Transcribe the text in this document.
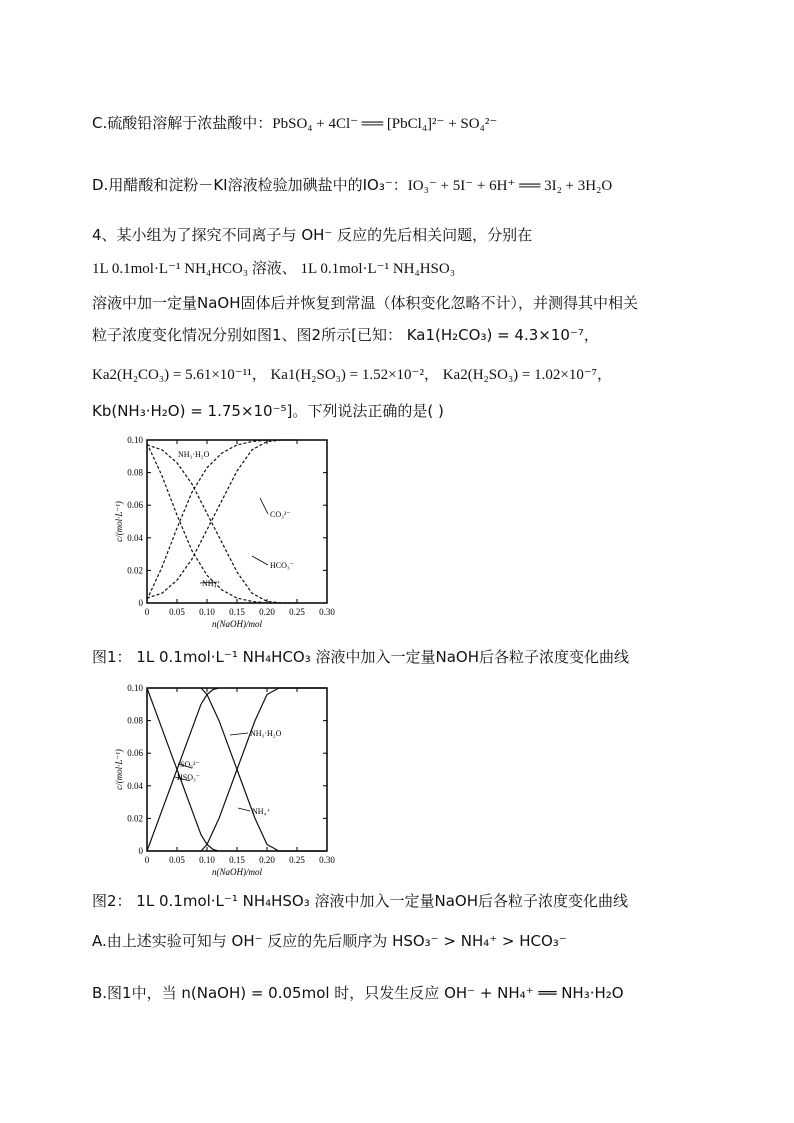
C.硫酸铅溶解于浓盐酸中：PbSO₄ + 4Cl⁻ ══ [PbCl₄]²⁻ + SO₄²⁻
D.用醋酸和淀粉－KI溶液检验加碘盐中的IO₃⁻：IO₃⁻ + 5I⁻ + 6H⁺ ══ 3I₂ + 3H₂O
4、某小组为了探究不同离子与 OH⁻ 反应的先后相关问题，分别在
1L 0.1mol·L⁻¹ NH₄HCO₃ 溶液、 1L 0.1mol·L⁻¹ NH₄HSO₃
溶液中加一定量NaOH固体后并恢复到常温（体积变化忽略不计），并测得其中相关
粒子浓度变化情况分别如图1、图2所示[已知： Ka1(H₂CO₃) = 4.3×10⁻⁷，
Ka2(H₂CO₃) = 5.61×10⁻¹¹， Ka1(H₂SO₃) = 1.52×10⁻²， Ka2(H₂SO₃) = 1.02×10⁻⁷，
Kb(NH₃·H₂O) = 1.75×10⁻⁵]。下列说法正确的是( )
0 0.05 0.10 0.15 0.20 0.25 0.30
0
0.02
0.04
0.06
0.08
0.10
n(NaOH)/mol
c/(mol·L⁻¹)
NH₃·H₂O
CO₃²⁻
HCO₃⁻
NH₄⁺
图1： 1L 0.1mol·L⁻¹ NH₄HCO₃ 溶液中加入一定量NaOH后各粒子浓度变化曲线
0 0.05 0.10 0.15 0.20 0.25 0.30
0
0.02
0.04
0.06
0.08
0.10
n(NaOH)/mol
c/(mol·L⁻¹)
NH₃·H₂O
SO₃²⁻
HSO₃⁻
NH₄⁺
图2： 1L 0.1mol·L⁻¹ NH₄HSO₃ 溶液中加入一定量NaOH后各粒子浓度变化曲线
A.由上述实验可知与 OH⁻ 反应的先后顺序为 HSO₃⁻ > NH₄⁺ > HCO₃⁻
B.图1中，当 n(NaOH) = 0.05mol 时，只发生反应 OH⁻ + NH₄⁺ ══ NH₃·H₂O
